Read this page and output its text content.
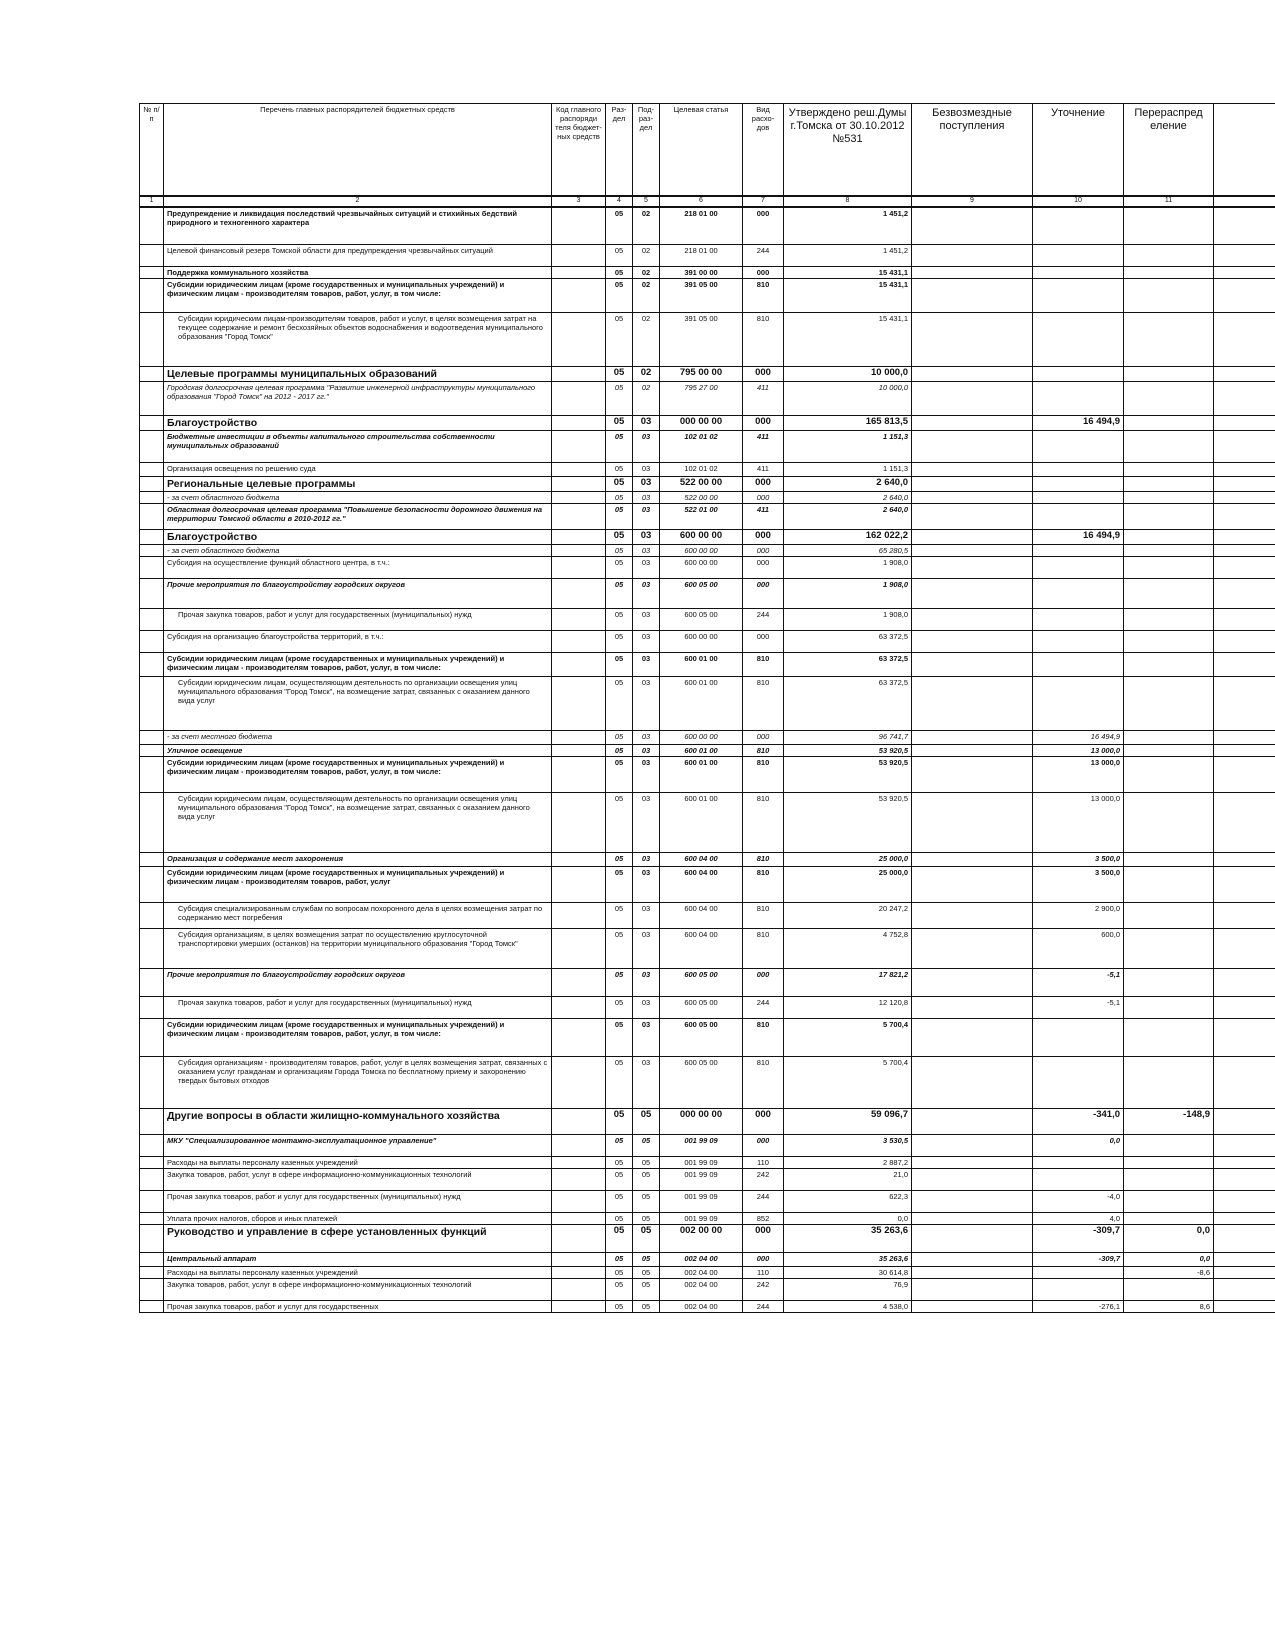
№ п/п	Перечень главных распорядителей бюджетных средств	Код главного распоряди теля бюджет- ных средств	Раз- дел	Под- раз- дел	Целевая статья	Вид расхо- дов	Утверждено реш.Думы г.Томска от 30.10.2012 №531	Безвозмездные поступления	Уточнение	Перераспред еление	
1	2	3	4	5	6	7	8	9	10	11	
	Предупреждение и ликвидация последствий чрезвычайных ситуаций и стихийных бедствий природного и техногенного характера		05	02	218 01 00	000	1 451,2				
	Целевой финансовый резерв Томской области для предупреждения чрезвычайных ситуаций		05	02	218 01 00	244	1 451,2				
	Поддержка коммунального хозяйства		05	02	391 00 00	000	15 431,1				
	Субсидии юридическим лицам (кроме государственных и муниципальных учреждений) и физическим лицам - производителям товаров, работ, услуг, в том числе:		05	02	391 05 00	810	15 431,1				
	Субсидии юридическим лицам-производителям товаров, работ и услуг, в целях возмещения затрат на текущее содержание и ремонт бесхозяйных объектов водоснабжения и водоотведения муниципального образования "Город Томск"		05	02	391 05 00	810	15 431,1				
	Целевые программы муниципальных образований		05	02	795 00 00	000	10 000,0				
	Городская долгосрочная целевая программа "Развитие инженерной инфраструктуры муниципального образования "Город Томск" на 2012 - 2017 гг."		05	02	795 27 00	411	10 000,0				
	Благоустройство		05	03	000 00 00	000	165 813,5		16 494,9		
	Бюджетные инвестиции в объекты капитального строительства собственности муниципальных образований		05	03	102 01 02	411	1 151,3				
	Организация освещения по решению суда		05	03	102 01 02	411	1 151,3				
	Региональные целевые программы		05	03	522 00 00	000	2 640,0				
	- за счет областного бюджета		05	03	522 00 00	000	2 640,0				
	Областная долгосрочная целевая программа "Повышение безопасности дорожного движения на территории Томской области в 2010-2012 гг."		05	03	522 01 00	411	2 640,0				
	Благоустройство		05	03	600 00 00	000	162 022,2		16 494,9		
	- за счет областного бюджета		05	03	600 00 00	000	65 280,5				
	Субсидия на осуществление функций областного центра, в т.ч.:		05	03	600 00 00	000	1 908,0				
	Прочие мероприятия по благоустройству городских округов		05	03	600 05 00	000	1 908,0				
	Прочая закупка товаров, работ и услуг для государственных (муниципальных) нужд		05	03	600 05 00	244	1 908,0				
	Субсидия на организацию благоустройства территорий, в т.ч.:		05	03	600 00 00	000	63 372,5				
	Субсидии юридическим лицам (кроме государственных и муниципальных учреждений) и физическим лицам - производителям товаров, работ, услуг, в том числе:		05	03	600 01 00	810	63 372,5				
	Субсидии юридическим лицам, осуществляющим деятельность по организации освещения улиц муниципального образования "Город Томск", на возмещение затрат, связанных с оказанием данного вида услуг		05	03	600 01 00	810	63 372,5				
	- за счет местного бюджета		05	03	600 00 00	000	96 741,7		16 494,9		
	Уличное освещение		05	03	600 01 00	810	53 920,5		13 000,0		
	Субсидии юридическим лицам (кроме государственных и муниципальных учреждений) и физическим лицам - производителям товаров, работ, услуг, в том числе:		05	03	600 01 00	810	53 920,5		13 000,0		
	Субсидии юридическим лицам, осуществляющим деятельность по организации освещения улиц муниципального образования "Город Томск", на возмещение затрат, связанных с оказанием данного вида услуг		05	03	600 01 00	810	53 920,5		13 000,0		
	Организация и содержание мест захоронения		05	03	600 04 00	810	25 000,0		3 500,0		
	Субсидии юридическим лицам (кроме государственных и муниципальных учреждений) и физическим лицам - производителям товаров, работ, услуг		05	03	600 04 00	810	25 000,0		3 500,0		
	Субсидия специализированным службам по вопросам похоронного дела в целях возмещения затрат по содержанию мест погребения		05	03	600 04 00	810	20 247,2		2 900,0		
	Субсидия организациям, в целях возмещения затрат по осуществлению круглосуточной транспортировки умерших (останков) на территории муниципального образования "Город Томск"		05	03	600 04 00	810	4 752,8		600,0		
	Прочие мероприятия по благоустройству городских округов		05	03	600 05 00	000	17 821,2		-5,1		
	Прочая закупка товаров, работ и услуг для государственных (муниципальных) нужд		05	03	600 05 00	244	12 120,8		-5,1		
	Субсидии юридическим лицам (кроме государственных и муниципальных учреждений) и физическим лицам - производителям товаров, работ, услуг, в том числе:		05	03	600 05 00	810	5 700,4				
	Субсидия организациям - производителям товаров, работ, услуг в целях возмещения затрат, связанных с оказанием услуг гражданам и организациям Города Томска по бесплатному приему и захоронению твердых бытовых отходов		05	03	600 05 00	810	5 700,4				
	Другие вопросы в области жилищно-коммунального хозяйства		05	05	000 00 00	000	59 096,7		-341,0	-148,9	
	МКУ "Специализированное монтажно-эксплуатационное управление"		05	05	001 99 09	000	3 530,5		0,0		
	Расходы на выплаты персоналу казенных учреждений		05	05	001 99 09	110	2 887,2				
	Закупка товаров, работ, услуг в сфере информационно-коммуникационных технологий		05	05	001 99 09	242	21,0				
	Прочая закупка товаров, работ и услуг для государственных (муниципальных) нужд		05	05	001 99 09	244	622,3		-4,0		
	Уплата прочих налогов, сборов и иных платежей		05	05	001 99 09	852	0,0		4,0		
	Руководство и управление в сфере установленных функций		05	05	002 00 00	000	35 263,6		-309,7	0,0	
	Центральный аппарат		05	05	002 04 00	000	35 263,6		-309,7	0,0	
	Расходы на выплаты персоналу казенных учреждений		05	05	002 04 00	110	30 614,8			-8,6	
	Закупка товаров, работ, услуг в сфере информационно-коммуникационных технологий		05	05	002 04 00	242	76,9				
	Прочая закупка товаров, работ и услуг для государственных		05	05	002 04 00	244	4 538,0		-276,1	8,6	
